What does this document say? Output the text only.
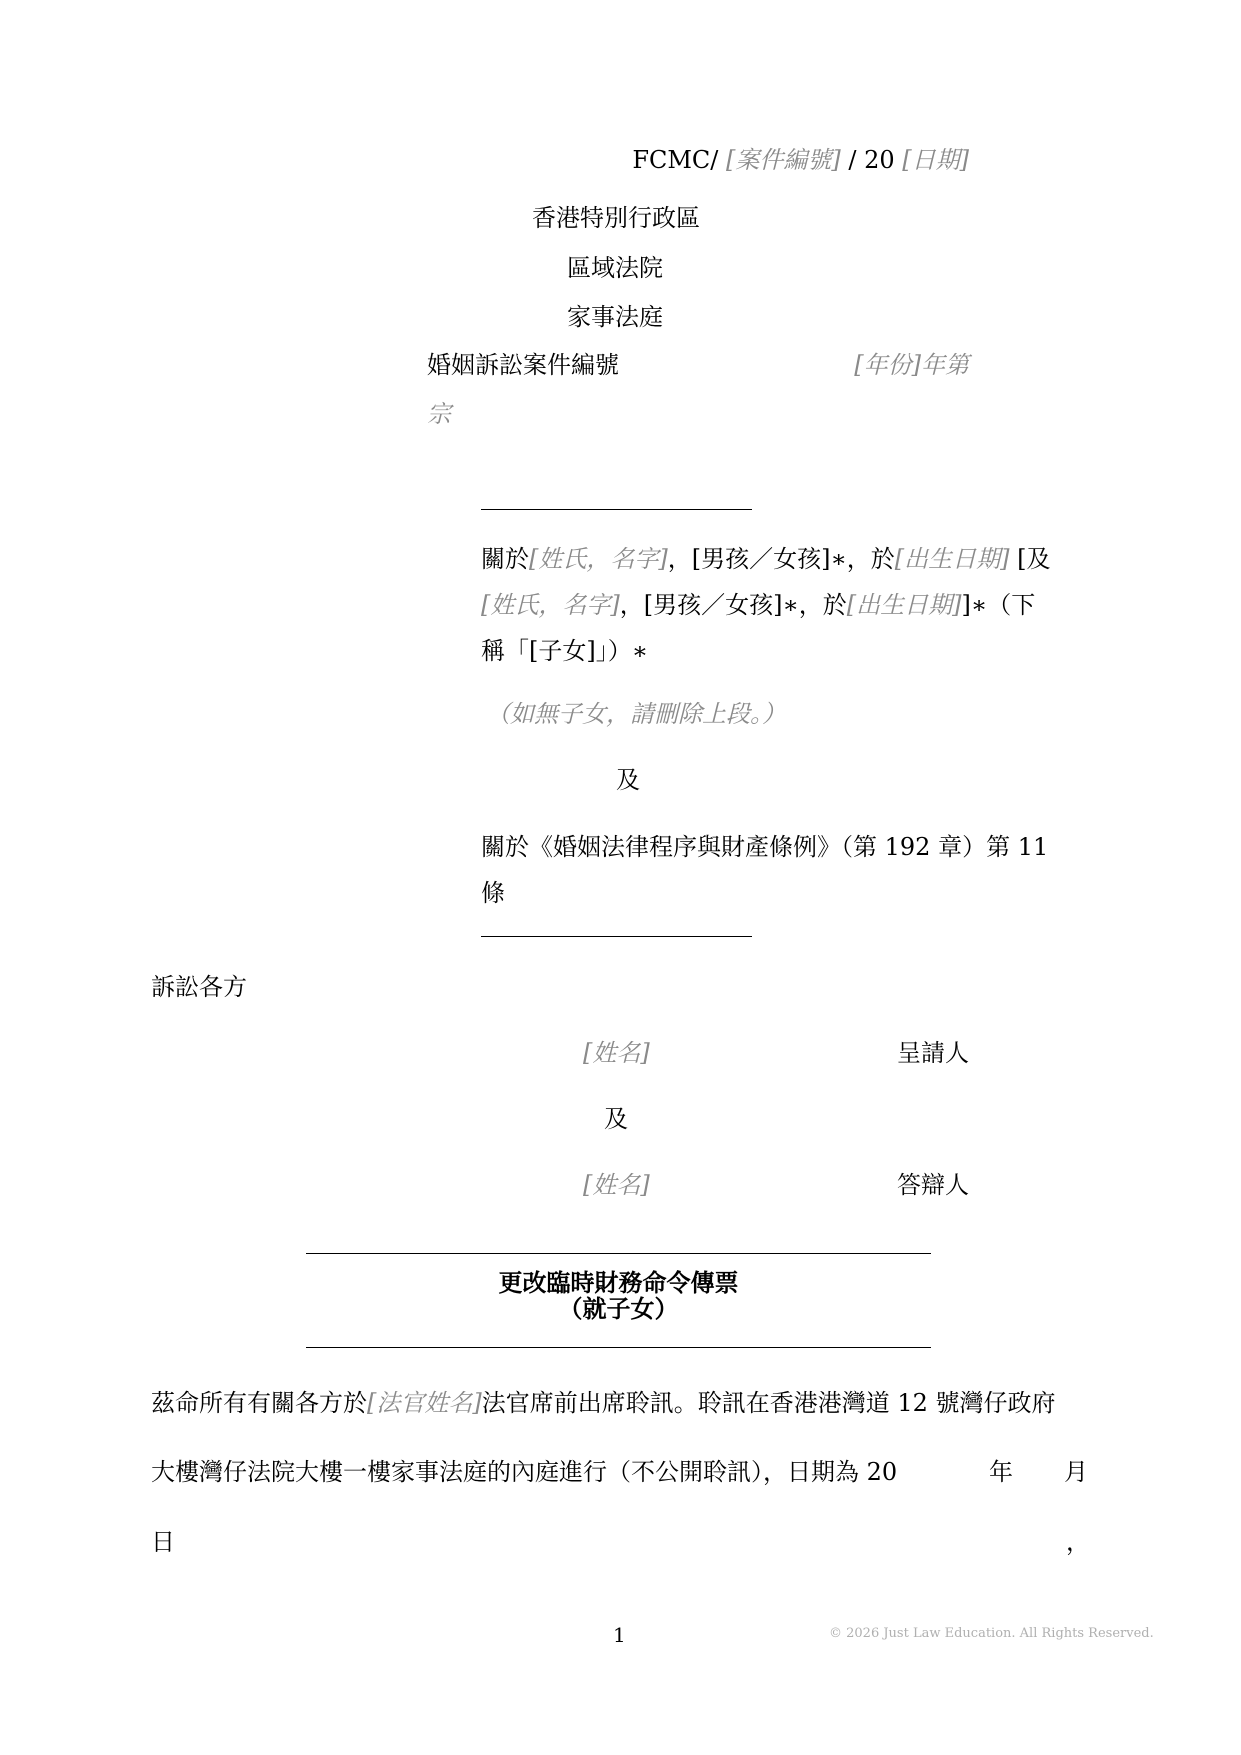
FCMC/ [案件編號] / 20 [日期]
香港特別行政區
區域法院
家事法庭
婚姻訴訟案件編號	[年份]年第
宗
關於[姓氏，名字]，[男孩／女孩]∗，於[出生日期] [及
[姓氏，名字]，[男孩／女孩]∗，於[出生日期]]∗（下
稱「[子女]」）∗
（如無子女，請刪除上段。）
及
關於《婚姻法律程序與財產條例》（第 192 章）第 11
條
訴訟各方
[姓名]	呈請人
及
[姓名]	答辯人
更改臨時財務命令傳票
（就子女）
茲命所有有關各方於[法官姓名]法官席前出席聆訊。聆訊在香港港灣道 12 號灣仔政府
大樓灣仔法院大樓一樓家事法庭的內庭進行（不公開聆訊），日期為 20	年 月
日	，
1	© 2026 Just Law Education. All Rights Reserved.
